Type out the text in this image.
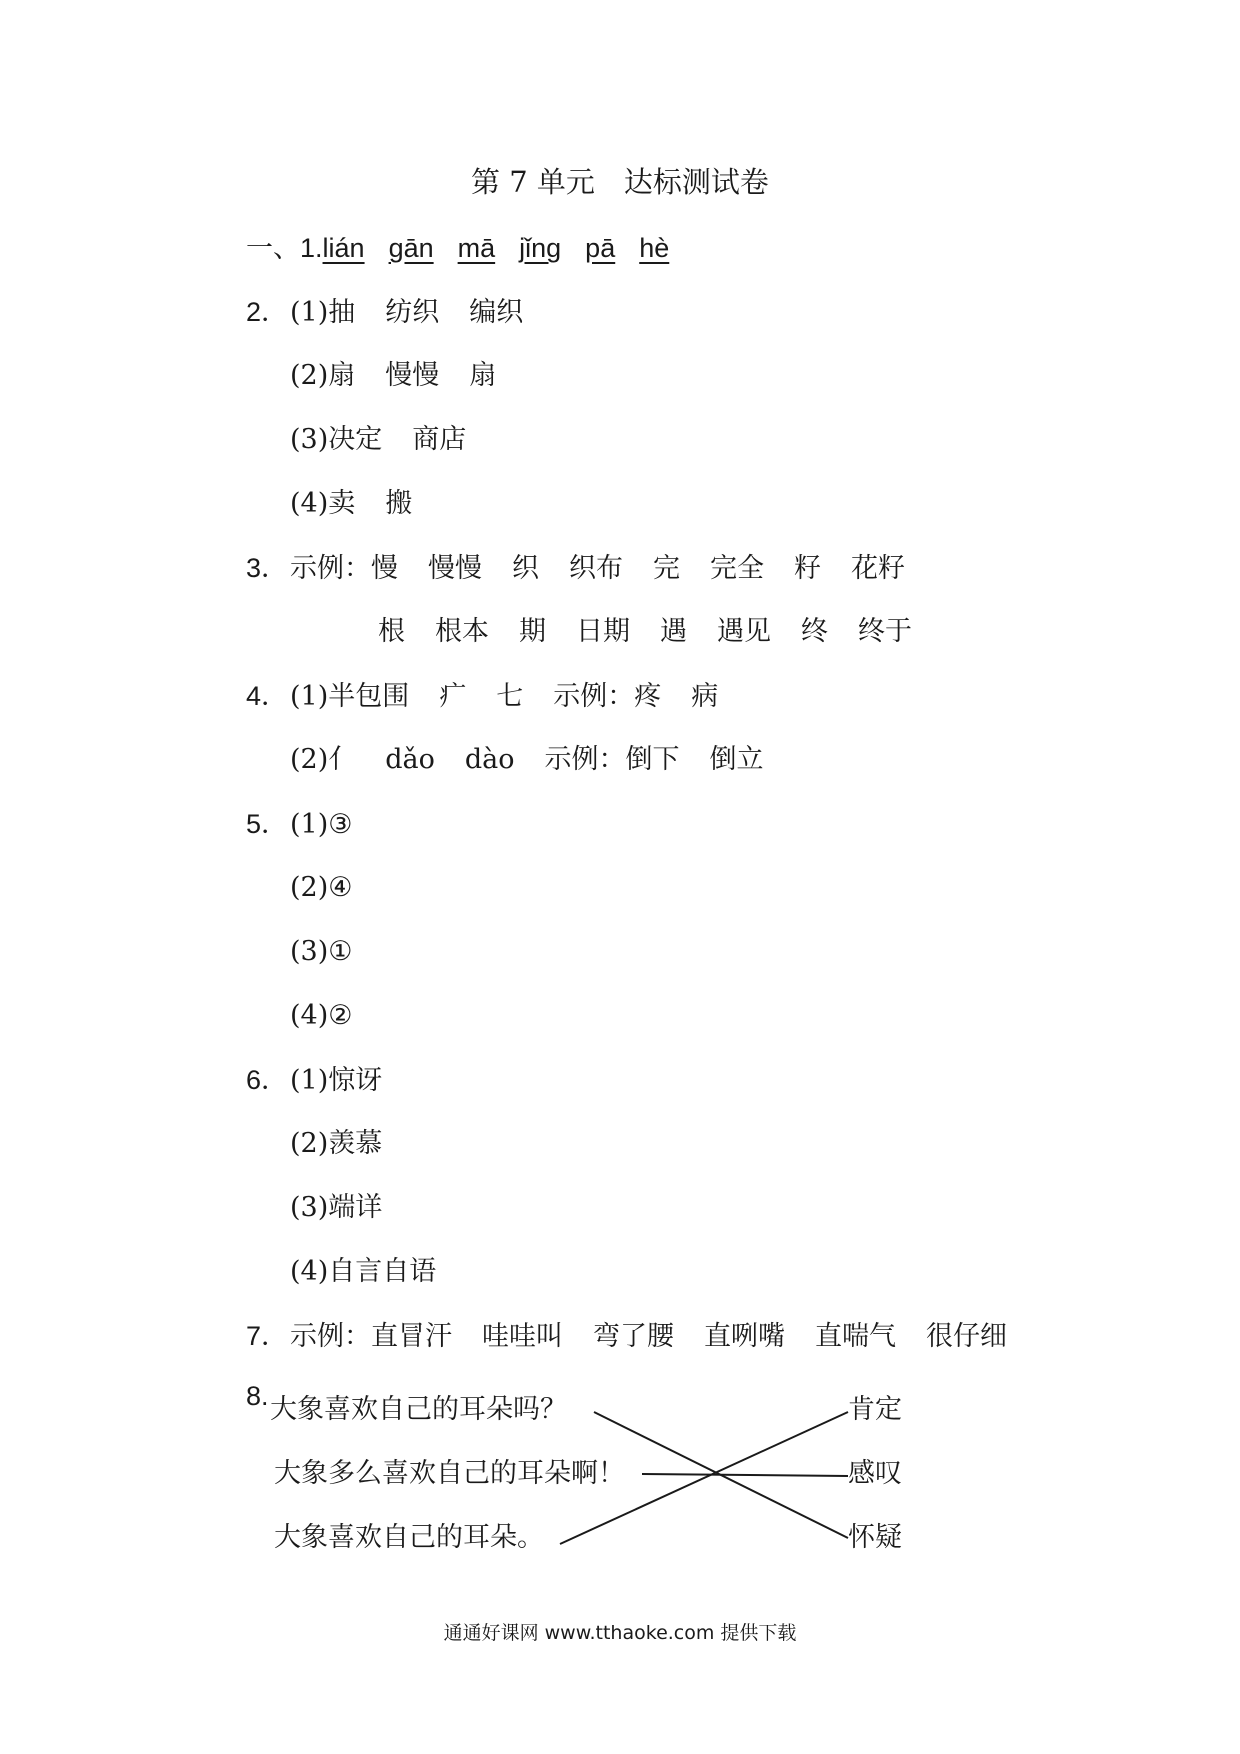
第 7 单元　达标测试卷
一、1.lián gān mā jǐng pā hè
2．(1)抽 纺织 编织
(2)扇 慢慢 扇
(3)决定 商店
(4)卖 搬
3．示例：慢 慢慢 织 织布 完 完全 籽 花籽
根 根本 期 日期 遇 遇见 终 终于
4．(1)半包围 疒 七 示例：疼 病
(2)亻 dǎo dào 示例：倒下 倒立
5．(1)③
(2)④
(3)①
(4)②
6．(1)惊讶
(2)羡慕
(3)端详
(4)自言自语
7．示例：直冒汗 哇哇叫 弯了腰 直咧嘴 直喘气 很仔细
8. 大象喜欢自己的耳朵吗？
大象多么喜欢自己的耳朵啊！
大象喜欢自己的耳朵。
肯定
感叹
怀疑
通通好课网 www.tthaoke.com 提供下载
